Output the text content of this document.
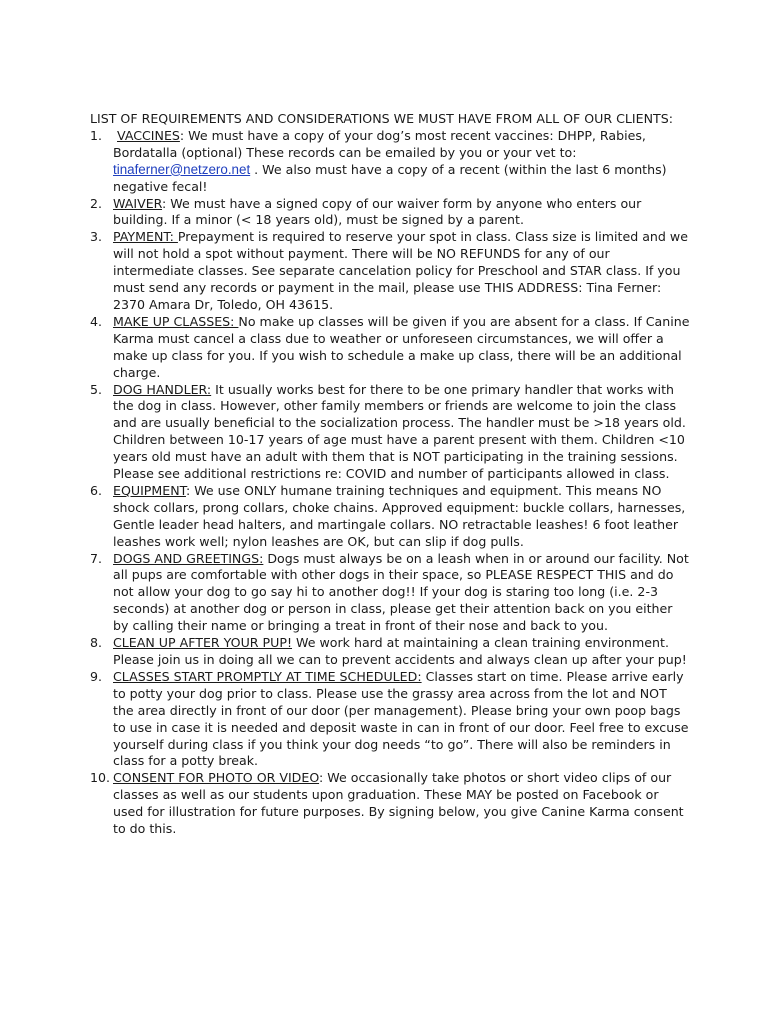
LIST OF REQUIREMENTS AND CONSIDERATIONS WE MUST HAVE FROM ALL OF OUR CLIENTS:

1. VACCINES: We must have a copy of your dog’s most recent vaccines: DHPP, Rabies, Bordatalla (optional) These records can be emailed by you or your vet to: tinaferner@netzero.net . We also must have a copy of a recent (within the last 6 months) negative fecal!
2. WAIVER: We must have a signed copy of our waiver form by anyone who enters our building. If a minor (< 18 years old), must be signed by a parent.
3. PAYMENT: Prepayment is required to reserve your spot in class. Class size is limited and we will not hold a spot without payment. There will be NO REFUNDS for any of our intermediate classes. See separate cancelation policy for Preschool and STAR class. If you must send any records or payment in the mail, please use THIS ADDRESS: Tina Ferner: 2370 Amara Dr, Toledo, OH 43615.
4. MAKE UP CLASSES: No make up classes will be given if you are absent for a class. If Canine Karma must cancel a class due to weather or unforeseen circumstances, we will offer a make up class for you. If you wish to schedule a make up class, there will be an additional charge.
5. DOG HANDLER: It usually works best for there to be one primary handler that works with the dog in class. However, other family members or friends are welcome to join the class and are usually beneficial to the socialization process. The handler must be >18 years old. Children between 10-17 years of age must have a parent present with them. Children <10 years old must have an adult with them that is NOT participating in the training sessions. Please see additional restrictions re: COVID and number of participants allowed in class.
6. EQUIPMENT: We use ONLY humane training techniques and equipment. This means NO shock collars, prong collars, choke chains. Approved equipment: buckle collars, harnesses, Gentle leader head halters, and martingale collars. NO retractable leashes! 6 foot leather leashes work well; nylon leashes are OK, but can slip if dog pulls.
7. DOGS AND GREETINGS: Dogs must always be on a leash when in or around our facility. Not all pups are comfortable with other dogs in their space, so PLEASE RESPECT THIS and do not allow your dog to go say hi to another dog!! If your dog is staring too long (i.e. 2-3 seconds) at another dog or person in class, please get their attention back on you either by calling their name or bringing a treat in front of their nose and back to you.
8. CLEAN UP AFTER YOUR PUP! We work hard at maintaining a clean training environment. Please join us in doing all we can to prevent accidents and always clean up after your pup!
9. CLASSES START PROMPTLY AT TIME SCHEDULED: Classes start on time. Please arrive early to potty your dog prior to class. Please use the grassy area across from the lot and NOT the area directly in front of our door (per management). Please bring your own poop bags to use in case it is needed and deposit waste in can in front of our door. Feel free to excuse yourself during class if you think your dog needs “to go”. There will also be reminders in class for a potty break.
10. CONSENT FOR PHOTO OR VIDEO: We occasionally take photos or short video clips of our classes as well as our students upon graduation. These MAY be posted on Facebook or used for illustration for future purposes. By signing below, you give Canine Karma consent to do this.
